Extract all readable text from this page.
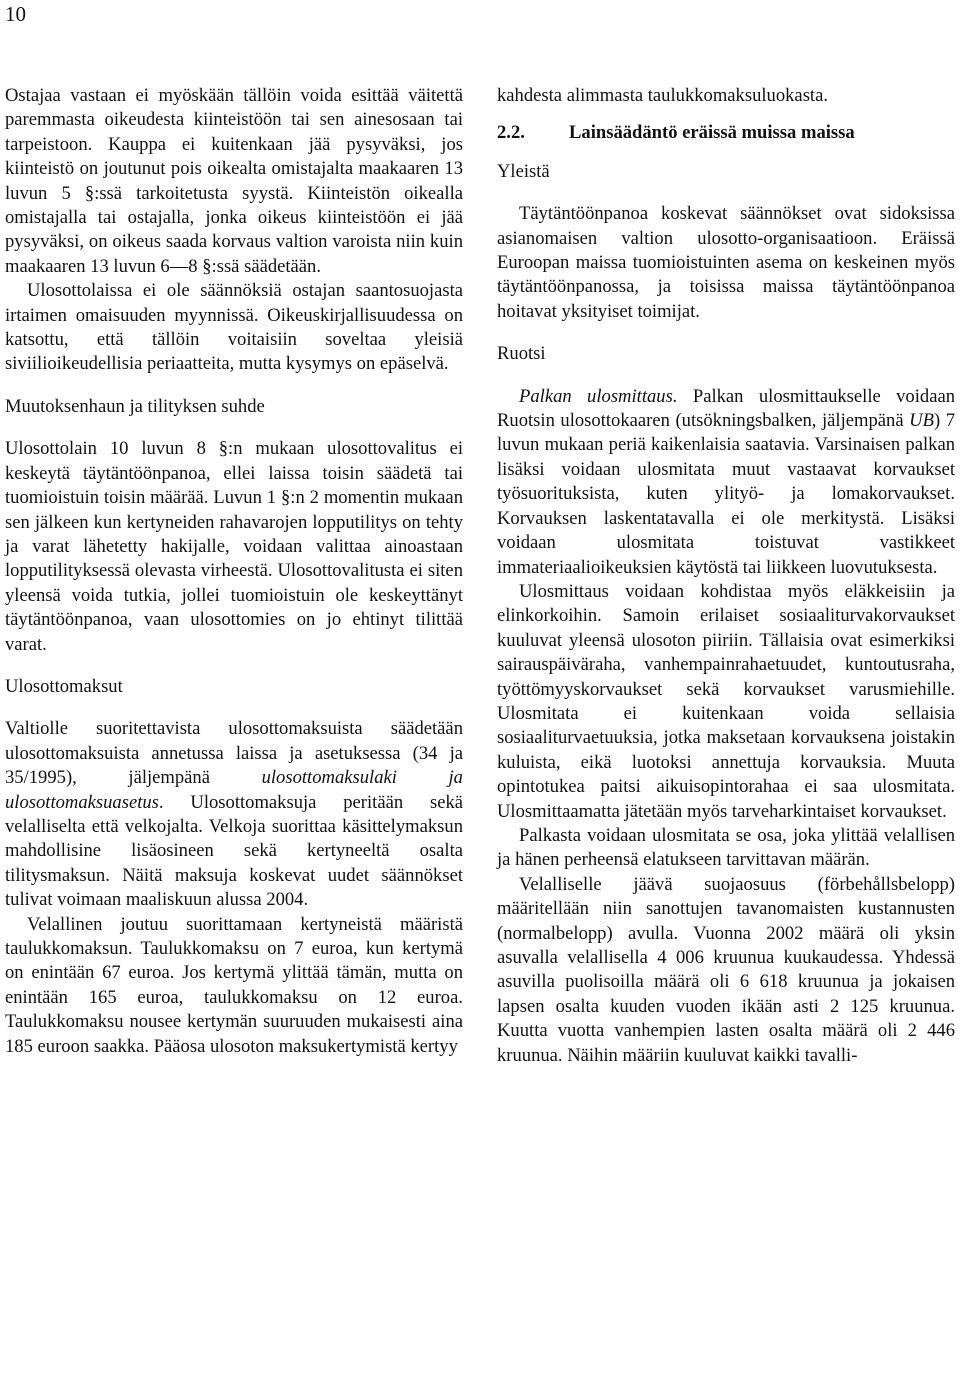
10

Ostajaa vastaan ei myöskään tällöin voida esittää väitettä paremmasta oikeudesta kiinteistöön tai sen ainesosaan tai tarpeistoon. Kauppa ei kuitenkaan jää pysyväksi, jos kiinteistö on joutunut pois oikealta omistajalta maakaaren 13 luvun 5 §:ssä tarkoitetusta syystä. Kiinteistön oikealla omistajalla tai ostajalla, jonka oikeus kiinteistöön ei jää pysyväksi, on oikeus saada korvaus valtion varoista niin kuin maakaaren 13 luvun 6—8 §:ssä säädetään.

Ulosottolaissa ei ole säännöksiä ostajan saantosuojasta irtaimen omaisuuden myynnissä. Oikeuskirjallisuudessa on katsottu, että tällöin voitaisiin soveltaa yleisiä siviilioikeudellisia periaatteita, mutta kysymys on epäselvä.

Muutoksenhaun ja tilityksen suhde

Ulosottolain 10 luvun 8 §:n mukaan ulosottovalitus ei keskeytä täytäntöönpanoa, ellei laissa toisin säädetä tai tuomioistuin toisin määrää. Luvun 1 §:n 2 momentin mukaan sen jälkeen kun kertyneiden rahavarojen lopputilitys on tehty ja varat lähetetty hakijalle, voidaan valittaa ainoastaan lopputilityksessä olevasta virheestä. Ulosottovalitusta ei siten yleensä voida tutkia, jollei tuomioistuin ole keskeyttänyt täytäntöönpanoa, vaan ulosottomies on jo ehtinyt tilittää varat.

Ulosottomaksut

Valtiolle suoritettavista ulosottomaksuista säädetään ulosottomaksuista annetussa laissa ja asetuksessa (34 ja 35/1995), jäljempänä	ulosottomaksulaki ja ulosottomaksuasetus. Ulosottomaksuja peritään sekä velalliselta että velkojalta. Velkoja suorittaa käsittelymaksun mahdollisine lisäosineen sekä kertyneeltä osalta tilitysmaksun. Näitä maksuja koskevat uudet säännökset tulivat voimaan maaliskuun alussa 2004.

Velallinen joutuu suorittamaan kertyneistä määristä taulukkomaksun. Taulukkomaksu on 7 euroa, kun kertymä on enintään 67 euroa. Jos kertymä ylittää tämän, mutta on enintään 165 euroa, taulukkomaksu on 12 euroa. Taulukkomaksu nousee kertymän suuruuden mukaisesti aina 185 euroon saakka. Pääosa ulosoton maksukertymistä kertyy

kahdesta alimmasta taulukkomaksuluokasta.

2.2. Lainsäädäntö eräissä muissa maissa

Yleistä

Täytäntöönpanoa koskevat säännökset ovat sidoksissa asianomaisen valtion ulosotto-organisaatioon. Eräissä Euroopan maissa tuomioistuinten asema on keskeinen myös täytäntöönpanossa, ja toisissa maissa täytäntöönpanoa hoitavat yksityiset toimijat.

Ruotsi

Palkan ulosmittaus. Palkan ulosmittaukselle voidaan Ruotsin ulosottokaaren (utsökningsbalken, jäljempänä UB) 7 luvun mukaan periä kaikenlaisia saatavia. Varsinaisen palkan lisäksi voidaan ulosmitata muut vastaavat korvaukset työsuorituksista, kuten ylityö- ja lomakorvaukset. Korvauksen laskentatavalla ei ole merkitystä. Lisäksi voidaan ulosmitata toistuvat vastikkeet immateriaalioikeuksien käytöstä tai liikkeen luovutuksesta.

Ulosmittaus voidaan kohdistaa myös eläkkeisiin ja elinkorkoihin. Samoin erilaiset sosiaaliturvakorvaukset kuuluvat yleensä ulosoton piiriin. Tällaisia ovat esimerkiksi sairauspäiväraha, vanhempainrahaetuudet, kuntoutusraha, työttömyyskorvaukset sekä korvaukset varusmiehille. Ulosmitata ei kuitenkaan voida sellaisia sosiaaliturvaetuuksia, jotka maksetaan korvauksena joistakin kuluista, eikä luotoksi annettuja korvauksia. Muuta opintotukea paitsi aikuisopintorahaa ei saa ulosmitata. Ulosmittaamatta jätetään myös tarveharkintaiset korvaukset.

Palkasta voidaan ulosmitata se osa, joka ylittää velallisen ja hänen perheensä elatukseen tarvittavan määrän.

Velalliselle jäävä suojaosuus (förbehållsbelopp) määritellään niin sanottujen tavanomaisten kustannusten (normalbelopp) avulla. Vuonna 2002 määrä oli yksin asuvalla velallisella 4 006 kruunua kuukaudessa. Yhdessä asuvilla puolisoilla määrä oli 6 618 kruunua ja jokaisen lapsen osalta kuuden vuoden ikään asti 2 125 kruunua. Kuutta vuotta vanhempien lasten osalta määrä oli 2 446 kruunua. Näihin määriin kuuluvat kaikki tavalli-
